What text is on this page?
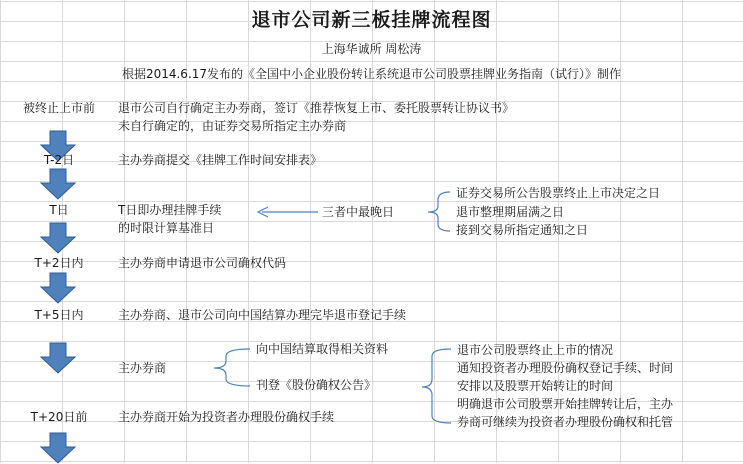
退市公司新三板挂牌流程图
上海华诚所 周松涛
根据2014.6.17发布的《全国中小企业股份转让系统退市公司股票挂牌业务指南（试行）》制作
被终止上市前	退市公司自行确定主办券商，签订《推荐恢复上市、委托股票转让协议书》
未自行确定的，由证券交易所指定主办券商
T-2日	主办券商提交《挂牌工作时间安排表》
T日	T日即办理挂牌手续
的时限计算基准日
三者中最晚日
证券交易所公告股票终止上市决定之日
退市整理期届满之日
接到交易所指定通知之日
T+2日内	主办券商申请退市公司确权代码
T+5日内	主办券商、退市公司向中国结算办理完毕退市登记手续
主办券商
向中国结算取得相关资料
刊登《股份确权公告》
退市公司股票终止上市的情况
通知投资者办理股份确权登记手续、时间
安排以及股票开始转让的时间
明确退市公司股票开始挂牌转让后，主办
券商可继续为投资者办理股份确权和托管
T+20日前	主办券商开始为投资者办理股份确权手续
